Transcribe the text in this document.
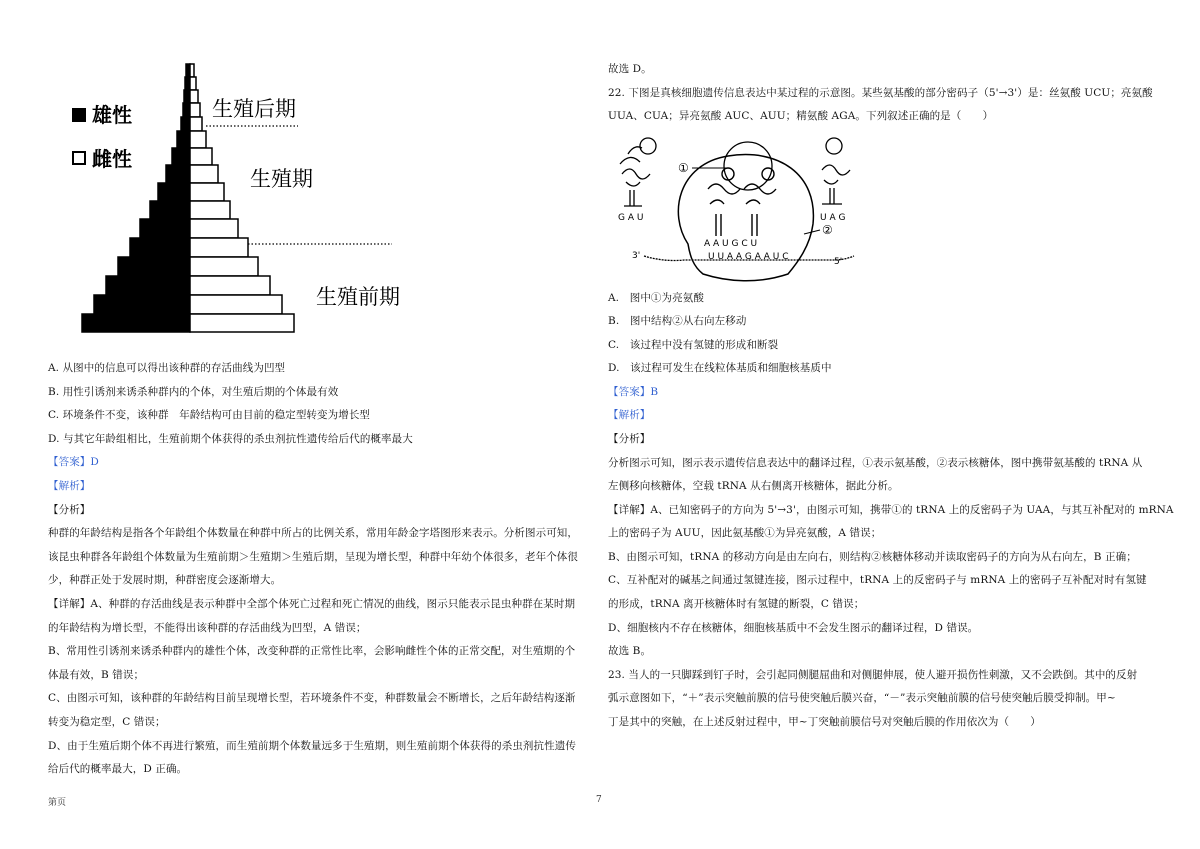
雄性
雌性
生殖后期
生殖期
生殖前期
A. 从图中的信息可以得出该种群的存活曲线为凹型
B. 用性引诱剂来诱杀种群内的个体，对生殖后期的个体最有效
C. 环境条件不变，该种群　年龄结构可由目前的稳定型转变为增长型
D. 与其它年龄组相比，生殖前期个体获得的杀虫剂抗性遗传给后代的概率最大
【答案】D
【解析】
【分析】
种群的年龄结构是指各个年龄组个体数量在种群中所占的比例关系，常用年龄金字塔图形来表示。分析图示可知，
该昆虫种群各年龄组个体数量为生殖前期＞生殖期＞生殖后期，呈现为增长型，种群中年幼个体很多，老年个体很
少，种群正处于发展时期，种群密度会逐渐增大。
【详解】A、种群的存活曲线是表示种群中全部个体死亡过程和死亡情况的曲线，图示只能表示昆虫种群在某时期
的年龄结构为增长型，不能得出该种群的存活曲线为凹型，A 错误；
B、常用性引诱剂来诱杀种群内的雄性个体，改变种群的正常性比率，会影响雌性个体的正常交配，对生殖期的个
体最有效，B 错误；
C、由图示可知，该种群的年龄结构目前呈现增长型，若环境条件不变，种群数量会不断增长，之后年龄结构逐渐
转变为稳定型，C 错误；
D、由于生殖后期个体不再进行繁殖，而生殖前期个体数量远多于生殖期，则生殖前期个体获得的杀虫剂抗性遗传
给后代的概率最大，D 正确。
故选 D。
22. 下图是真核细胞遗传信息表达中某过程的示意图。某些氨基酸的部分密码子（5'→3'）是：丝氨酸 UCU；亮氨酸
UUA、CUA；异亮氨酸 AUC、AUU；精氨酸 AGA。下列叙述正确的是（　　）
G A U
A A U G C U
U A G
U U A A G A A U C
3'
5'
①
②
A.　图中①为亮氨酸
B.　图中结构②从右向左移动
C.　该过程中没有氢键的形成和断裂
D.　该过程可发生在线粒体基质和细胞核基质中
【答案】B
【解析】
【分析】
分析图示可知，图示表示遗传信息表达中的翻译过程，①表示氨基酸，②表示核糖体，图中携带氨基酸的 tRNA 从
左侧移向核糖体，空载 tRNA 从右侧离开核糖体，据此分析。
【详解】A、已知密码子的方向为 5'→3'，由图示可知，携带①的 tRNA 上的反密码子为 UAA，与其互补配对的 mRNA
上的密码子为 AUU，因此氨基酸①为异亮氨酸，A 错误；
B、由图示可知，tRNA 的移动方向是由左向右，则结构②核糖体移动并读取密码子的方向为从右向左，B 正确；
C、互补配对的碱基之间通过氢键连接，图示过程中，tRNA 上的反密码子与 mRNA 上的密码子互补配对时有氢键
的形成，tRNA 离开核糖体时有氢键的断裂，C 错误；
D、细胞核内不存在核糖体，细胞核基质中不会发生图示的翻译过程，D 错误。
故选 B。
23. 当人的一只脚踩到钉子时，会引起同侧腿屈曲和对侧腿伸展，使人避开损伤性刺激，又不会跌倒。其中的反射
弧示意图如下，“＋”表示突触前膜的信号使突触后膜兴奋，“－”表示突触前膜的信号使突触后膜受抑制。甲~
丁是其中的突触，在上述反射过程中，甲~丁突触前膜信号对突触后膜的作用依次为（　　）
第页	7
